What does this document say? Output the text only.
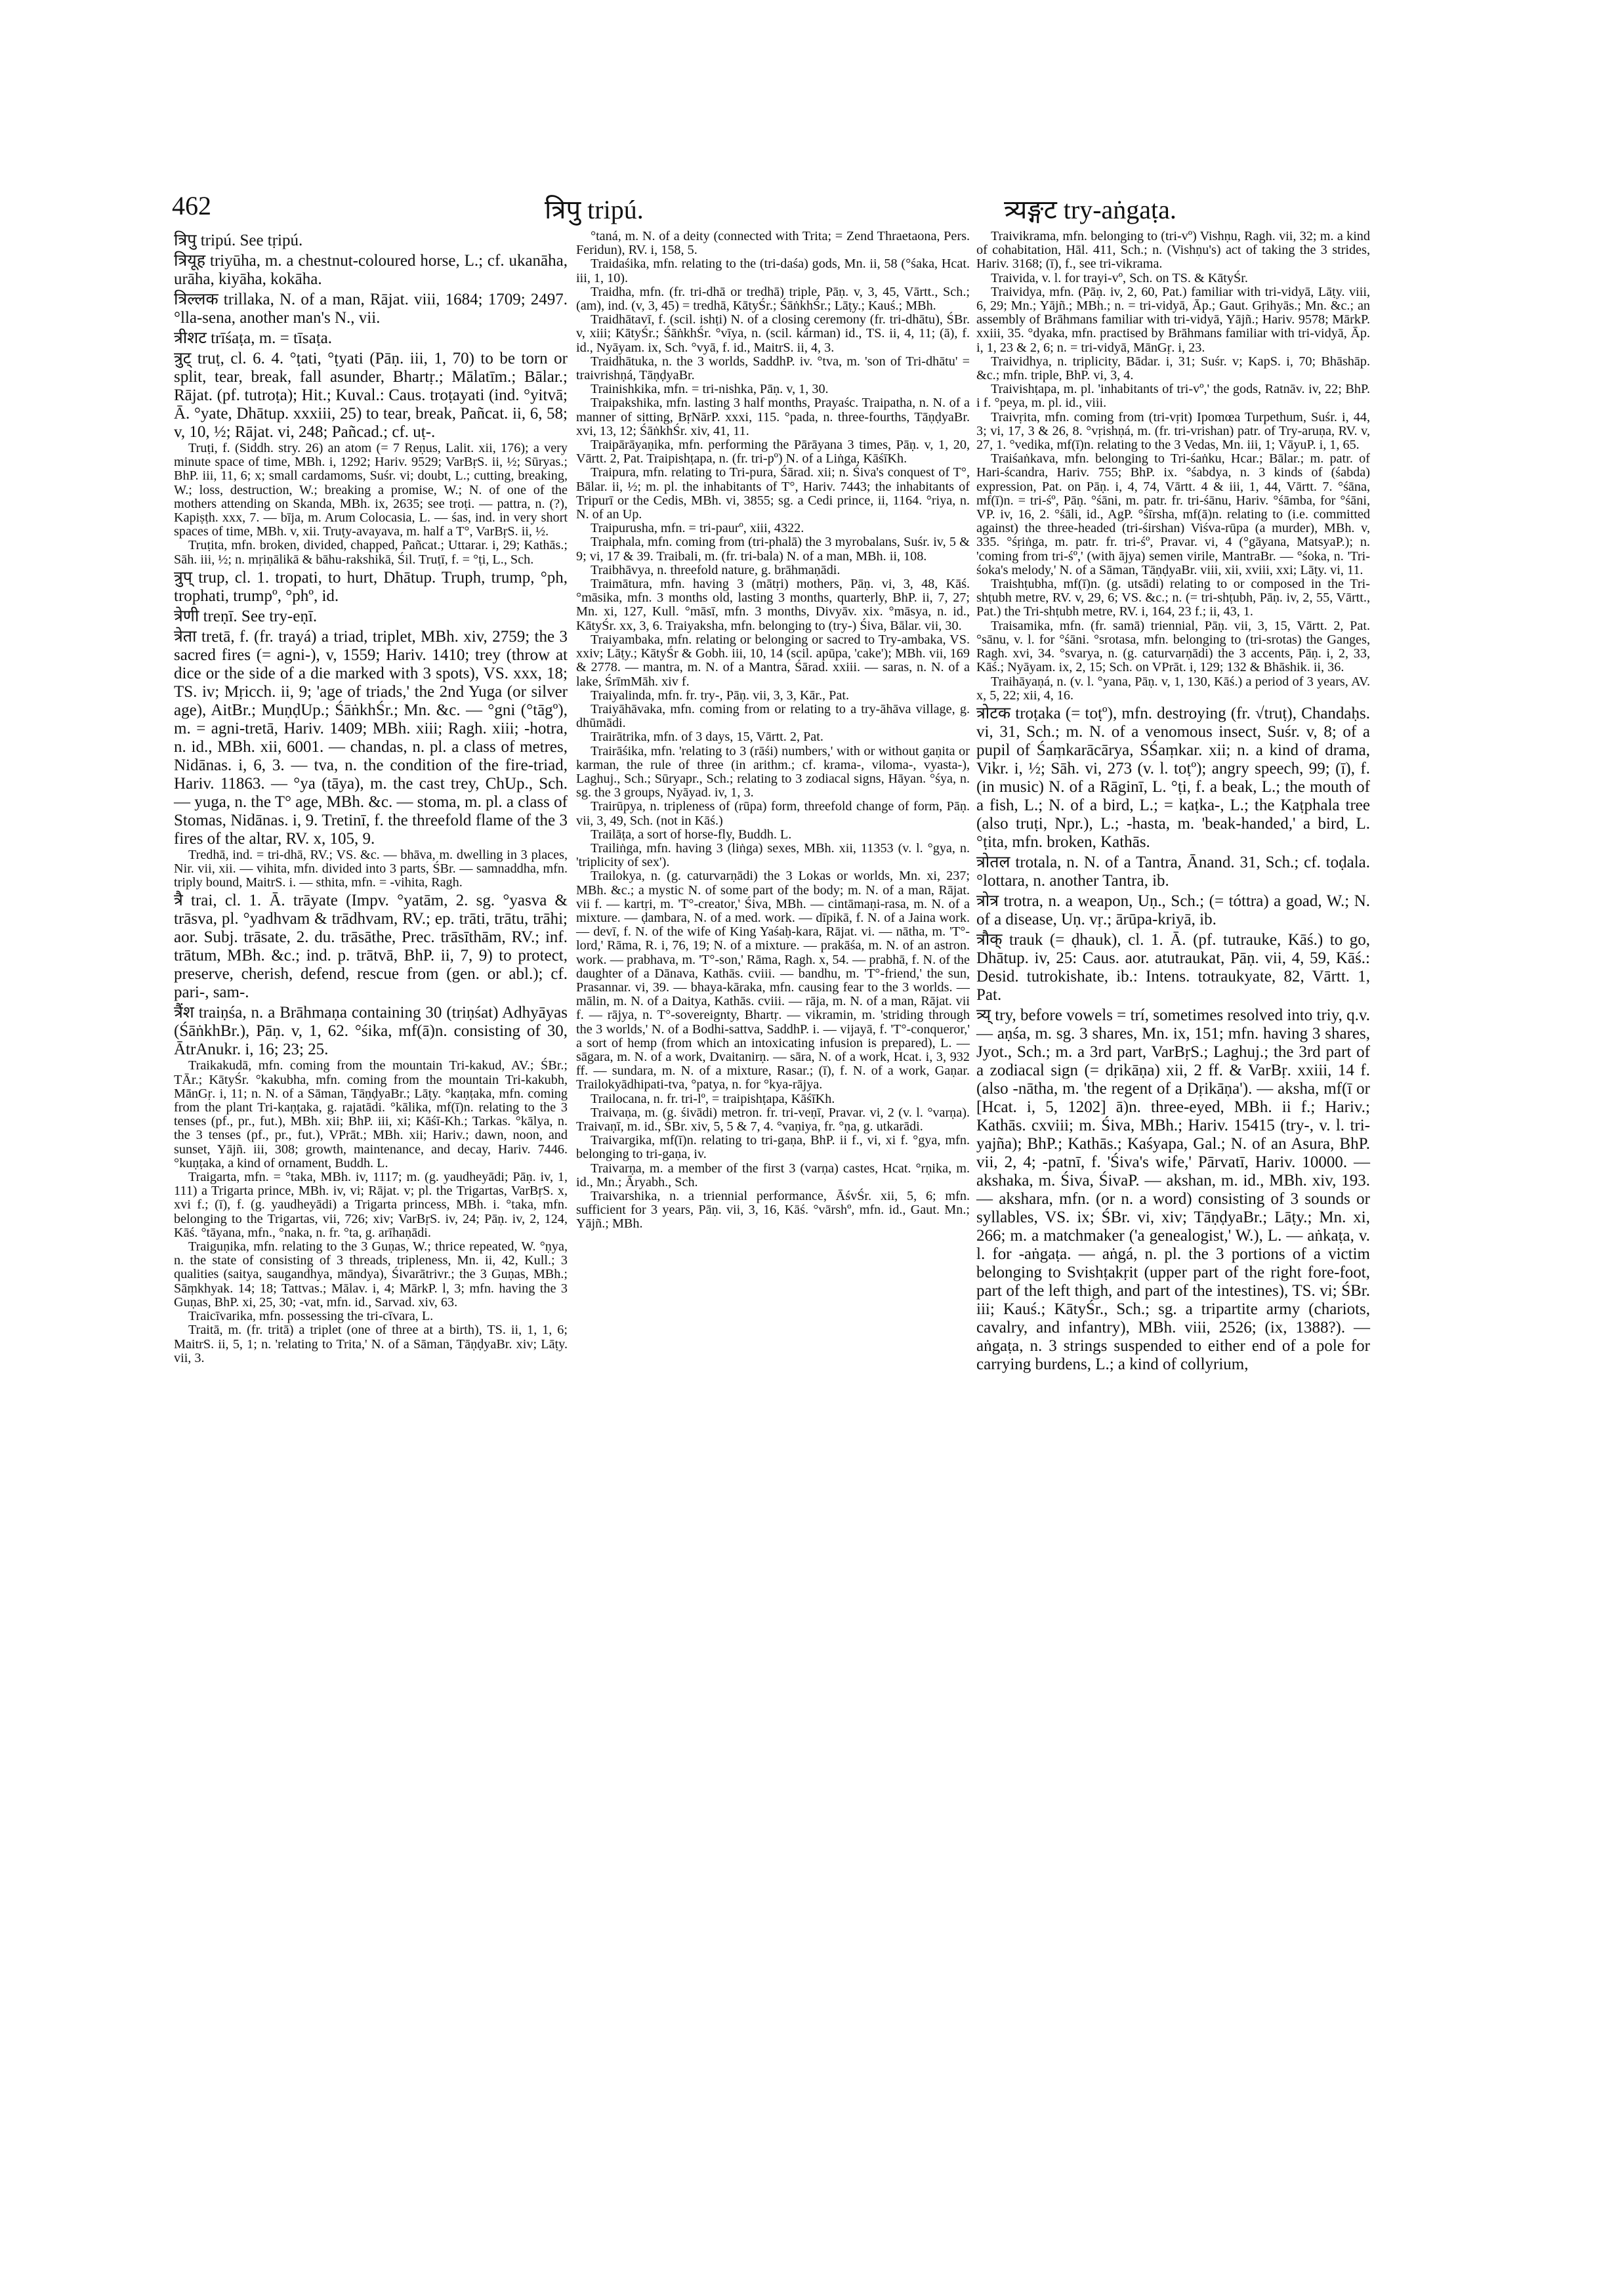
462	त्रिपु tripú.	त्र्यङ्गट try-aṅgaṭa.

त्रिपु tripú. See tṛipú.

त्रियूह triyūha, m. a chestnut-coloured horse, L.; cf. ukanāha, urāha, kiyāha, kokāha.

त्रिल्लक trillaka, N. of a man, Rājat. viii, 1684; 1709; 2497. °lla-sena, another man's N., vii.

त्रीशट trīśaṭa, m. = tīsaṭa.

त्रुट् truṭ, cl. 6. 4. °ṭati, °ṭyati (Pāṇ. iii, 1, 70) to be torn or split, tear, break, fall asunder, Bhartṛ.; Mālatīm.; Bālar.; Rājat. (pf. tutroṭa); Hit.; Kuval.: Caus. troṭayati (ind. °yitvā; Ā. °yate, Dhātup. xxxiii, 25) to tear, break, Pañcat. ii, 6, 58; v, 10, ½; Rājat. vi, 248; Pañcad.; cf. uṭ-.

Truṭi, f. (Siddh. stry. 26) an atom (= 7 Reṇus, Lalit. xii, 176); a very minute space of time, MBh. i, 1292; Hariv. 9529; VarBṛS. ii, ½; Sūryas.; BhP. iii, 11, 6; x; small cardamoms, Suśr. vi; doubt, L.; cutting, breaking, W.; loss, destruction, W.; breaking a promise, W.; N. of one of the mothers attending on Skanda, MBh. ix, 2635; see troṭi. — pattra, n. (?), Kapiṣṭh. xxx, 7. — bīja, m. Arum Colocasia, L. — śas, ind. in very short spaces of time, MBh. v, xii. Truṭy-avayava, m. half a T°, VarBṛS. ii, ½.

Truṭita, mfn. broken, divided, chapped, Pañcat.; Uttarar. i, 29; Kathās.; Sāh. iii, ½; n. mṛiṇālikā & bāhu-rakshikā, Śil. Truṭī, f. = °ṭi, L., Sch.

त्रुप् trup, cl. 1. tropati, to hurt, Dhātup. Truph, trump, °ph, trophati, trumpº, °phº, id.

त्रेणी treṇī. See try-eṇī.

त्रेता tretā, f. (fr. trayá) a triad, triplet, MBh. xiv, 2759; the 3 sacred fires (= agni-), v, 1559; Hariv. 1410; trey (throw at dice or the side of a die marked with 3 spots), VS. xxx, 18; TS. iv; Mṛicch. ii, 9; 'age of triads,' the 2nd Yuga (or silver age), AitBr.; MuṇḍUp.; ŚāṅkhŚr.; Mn. &c. — °gni (°tāgº), m. = agni-tretā, Hariv. 1409; MBh. xiii; Ragh. xiii; -hotra, n. id., MBh. xii, 6001. — chandas, n. pl. a class of metres, Nidānas. i, 6, 3. — tva, n. the condition of the fire-triad, Hariv. 11863. — °ya (tāya), m. the cast trey, ChUp., Sch. — yuga, n. the T° age, MBh. &c. — stoma, m. pl. a class of Stomas, Nidānas. i, 9. Tretinī, f. the threefold flame of the 3 fires of the altar, RV. x, 105, 9.

Tredhā, ind. = tri-dhā, RV.; VS. &c. — bhāva, m. dwelling in 3 places, Nir. vii, xii. — vihita, mfn. divided into 3 parts, ŚBr. — samnaddha, mfn. triply bound, MaitrS. i. — sthita, mfn. = -vihita, Ragh.

त्रै trai, cl. 1. Ā. trāyate (Impv. °yatām, 2. sg. °yasva & trāsva, pl. °yadhvam & trādhvam, RV.; ep. trāti, trātu, trāhi; aor. Subj. trāsate, 2. du. trāsāthe, Prec. trāsīthām, RV.; inf. trātum, MBh. &c.; ind. p. trātvā, BhP. ii, 7, 9) to protect, preserve, cherish, defend, rescue from (gen. or abl.); cf. pari-, sam-.

त्रैंश traiṇśa, n. a Brāhmaṇa containing 30 (triṇśat) Adhyāyas (ŚāṅkhBr.), Pāṇ. v, 1, 62. °śika, mf(ā)n. consisting of 30, ĀtrAnukr. i, 16; 23; 25.

Traikakudā, mfn. coming from the mountain Tri-kakud, AV.; ŚBr.; TĀr.; KātyŚr. °kakubha, mfn. coming from the mountain Tri-kakubh, MānGṛ. i, 11; n. N. of a Sāman, TāṇḍyaBr.; Lāṭy. °kaṇṭaka, mfn. coming from the plant Tri-kaṇṭaka, g. rajatādi. °kālika, mf(ī)n. relating to the 3 tenses (pf., pr., fut.), MBh. xii; BhP. iii, xi; Kāśī-Kh.; Tarkas. °kālya, n. the 3 tenses (pf., pr., fut.), VPrāt.; MBh. xii; Hariv.; dawn, noon, and sunset, Yājñ. iii, 308; growth, maintenance, and decay, Hariv. 7446. °kuṇṭaka, a kind of ornament, Buddh. L.

Traigarta, mfn. = °taka, MBh. iv, 1117; m. (g. yaudheyādi; Pāṇ. iv, 1, 111) a Trigarta prince, MBh. iv, vi; Rājat. v; pl. the Trigartas, VarBṛS. x, xvi f.; (ī), f. (g. yaudheyādi) a Trigarta princess, MBh. i. °taka, mfn. belonging to the Trigartas, vii, 726; xiv; VarBṛS. iv, 24; Pāṇ. iv, 2, 124, Kāś. °tāyana, mfn., °naka, n. fr. °ta, g. arīhaṇādi.

Traiguṇika, mfn. relating to the 3 Guṇas, W.; thrice repeated, W. °ṇya, n. the state of consisting of 3 threads, tripleness, Mn. ii, 42, Kull.; 3 qualities (saitya, saugandhya, māndya), Śivarātrivr.; the 3 Guṇas, MBh.; Sāṃkhyak. 14; 18; Tattvas.; Mālav. i, 4; MārkP. l, 3; mfn. having the 3 Guṇas, BhP. xi, 25, 30; -vat, mfn. id., Sarvad. xiv, 63.

Traicīvarika, mfn. possessing the tri-cīvara, L.

Traitā, m. (fr. tritā) a triplet (one of three at a birth), TS. ii, 1, 1, 6; MaitrS. ii, 5, 1; n. 'relating to Trita,' N. of a Sāman, TāṇḍyaBr. xiv; Lāṭy. vii, 3.

°taná, m. N. of a deity (connected with Trita; = Zend Thraetaona, Pers. Feridun), RV. i, 158, 5.

Traidaśika, mfn. relating to the (tri-daśa) gods, Mn. ii, 58 (°śaka, Hcat. iii, 1, 10).

Traidha, mfn. (fr. tri-dhā or tredhā) triple, Pāṇ. v, 3, 45, Vārtt., Sch.; (am), ind. (v, 3, 45) = tredhā, KātyŚr.; ŚāṅkhŚr.; Lāṭy.; Kauś.; MBh.

Traidhātavī, f. (scil. ishṭi) N. of a closing ceremony (fr. tri-dhātu), ŚBr. v, xiii; KātyŚr.; ŚāṅkhŚr. °vīya, n. (scil. kárman) id., TS. ii, 4, 11; (ā), f. id., Nyāyam. ix, Sch. °vyā, f. id., MaitrS. ii, 4, 3.

Traidhātuka, n. the 3 worlds, SaddhP. iv. °tva, m. 'son of Tri-dhātu' = traivrishṇá, TāṇḍyaBr.

Trainishkika, mfn. = tri-nishka, Pāṇ. v, 1, 30.

Traipakshika, mfn. lasting 3 half months, Prayaśc. Traipatha, n. N. of a manner of sitting, BṛNārP. xxxi, 115. °pada, n. three-fourths, TāṇḍyaBr. xvi, 13, 12; ŚāṅkhŚr. xiv, 41, 11.

Traipārāyaṇika, mfn. performing the Pārāyana 3 times, Pāṇ. v, 1, 20, Vārtt. 2, Pat. Traipishṭapa, n. (fr. tri-pº) N. of a Liṅga, KāśīKh.

Traipura, mfn. relating to Tri-pura, Śārad. xii; n. Śiva's conquest of T°, Bālar. ii, ½; m. pl. the inhabitants of T°, Hariv. 7443; the inhabitants of Tripurī or the Cedis, MBh. vi, 3855; sg. a Cedi prince, ii, 1164. °riya, n. N. of an Up.

Traipurusha, mfn. = tri-paurº, xiii, 4322.

Traiphala, mfn. coming from (tri-phalā) the 3 myrobalans, Suśr. iv, 5 & 9; vi, 17 & 39. Traibali, m. (fr. tri-bala) N. of a man, MBh. ii, 108.

Traibhāvya, n. threefold nature, g. brāhmaṇādi.

Traimātura, mfn. having 3 (mātṛi) mothers, Pāṇ. vi, 3, 48, Kāś. °māsika, mfn. 3 months old, lasting 3 months, quarterly, BhP. ii, 7, 27; Mn. xi, 127, Kull. °māsī, mfn. 3 months, Divyāv. xix. °māsya, n. id., KātyŚr. xx, 3, 6. Traiyaksha, mfn. belonging to (try-) Śiva, Bālar. vii, 30.

Traiyambaka, mfn. relating or belonging or sacred to Try-ambaka, VS. xxiv; Lāṭy.; KātyŚr & Gobh. iii, 10, 14 (scil. apūpa, 'cake'); MBh. vii, 169 & 2778. — mantra, m. N. of a Mantra, Śārad. xxiii. — saras, n. N. of a lake, ŚrīmMāh. xiv f.

Traiyalinda, mfn. fr. try-, Pāṇ. vii, 3, 3, Kār., Pat.

Traiyāhāvaka, mfn. coming from or relating to a try-āhāva village, g. dhūmādi.

Trairātrika, mfn. of 3 days, 15, Vārtt. 2, Pat.

Trairāśika, mfn. 'relating to 3 (rāśi) numbers,' with or without gaṇita or karman, the rule of three (in arithm.; cf. krama-, viloma-, vyasta-), Laghuj., Sch.; Sūryapr., Sch.; relating to 3 zodiacal signs, Hāyan. °śya, n. sg. the 3 groups, Nyāyad. iv, 1, 3.

Trairūpya, n. tripleness of (rūpa) form, threefold change of form, Pāṇ. vii, 3, 49, Sch. (not in Kāś.)

Trailāṭa, a sort of horse-fly, Buddh. L.

Trailiṅga, mfn. having 3 (liṅga) sexes, MBh. xii, 11353 (v. l. °gya, n. 'triplicity of sex').

Trailokya, n. (g. caturvarṇādi) the 3 Lokas or worlds, Mn. xi, 237; MBh. &c.; a mystic N. of some part of the body; m. N. of a man, Rājat. vii f. — kartṛi, m. 'T°-creator,' Śiva, MBh. — cintāmaṇi-rasa, m. N. of a mixture. — ḍambara, N. of a med. work. — dīpikā, f. N. of a Jaina work. — devī, f. N. of the wife of King Yaśaḥ-kara, Rājat. vi. — nātha, m. 'T°-lord,' Rāma, R. i, 76, 19; N. of a mixture. — prakāśa, m. N. of an astron. work. — prabhava, m. 'T°-son,' Rāma, Ragh. x, 54. — prabhā, f. N. of the daughter of a Dānava, Kathās. cviii. — bandhu, m. 'T°-friend,' the sun, Prasannar. vi, 39. — bhaya-kāraka, mfn. causing fear to the 3 worlds. — mālin, m. N. of a Daitya, Kathās. cviii. — rāja, m. N. of a man, Rājat. vii f. — rājya, n. T°-sovereignty, Bhartṛ. — vikramin, m. 'striding through the 3 worlds,' N. of a Bodhi-sattva, SaddhP. i. — vijayā, f. 'T°-conqueror,' a sort of hemp (from which an intoxicating infusion is prepared), L. — sāgara, m. N. of a work, Dvaitanirṇ. — sāra, N. of a work, Hcat. i, 3, 932 ff. — sundara, m. N. of a mixture, Rasar.; (ī), f. N. of a work, Gaṇar. Trailokyādhipati-tva, °patya, n. for °kya-rājya.

Trailocana, n. fr. tri-lº, = traipishṭapa, KāśīKh.

Traivaṇa, m. (g. śivādi) metron. fr. tri-veṇī, Pravar. vi, 2 (v. l. °varṇa). Traivaṇī, m. id., ŚBr. xiv, 5, 5 & 7, 4. °vaṇiya, fr. °ṇa, g. utkarādi.

Traivargika, mf(ī)n. relating to tri-gaṇa, BhP. ii f., vi, xi f. °gya, mfn. belonging to tri-gaṇa, iv.

Traivarṇa, m. a member of the first 3 (varṇa) castes, Hcat. °rṇika, m. id., Mn.; Āryabh., Sch.

Traivarshika, n. a triennial performance, ĀśvŚr. xii, 5, 6; mfn. sufficient for 3 years, Pāṇ. vii, 3, 16, Kāś. °vārshº, mfn. id., Gaut. Mn.; Yājñ.; MBh.

Traivikrama, mfn. belonging to (tri-vº) Vishṇu, Ragh. vii, 32; m. a kind of cohabitation, Hāl. 411, Sch.; n. (Vishṇu's) act of taking the 3 strides, Hariv. 3168; (ī), f., see tri-vikrama.

Traivida, v. l. for trayi-vº, Sch. on TS. & KātyŚr.

Traividya, mfn. (Pāṇ. iv, 2, 60, Pat.) familiar with tri-vidyā, Lāṭy. viii, 6, 29; Mn.; Yājñ.; MBh.; n. = tri-vidyā, Āp.; Gaut. Gṛihyās.; Mn. &c.; an assembly of Brāhmans familiar with tri-vidyā, Yājñ.; Hariv. 9578; MārkP. xxiii, 35. °dyaka, mfn. practised by Brāhmans familiar with tri-vidyā, Āp. i, 1, 23 & 2, 6; n. = tri-vidyā, MānGṛ. i, 23.

Traividhya, n. triplicity, Bādar. i, 31; Suśr. v; KapS. i, 70; Bhāshāp. &c.; mfn. triple, BhP. vi, 3, 4.

Traivishṭapa, m. pl. 'inhabitants of tri-vº,' the gods, Ratnāv. iv, 22; BhP. i f. °peya, m. pl. id., viii.

Traivṛita, mfn. coming from (tri-vṛit) Ipomœa Turpethum, Suśr. i, 44, 3; vi, 17, 3 & 26, 8. °vṛishṇá, m. (fr. tri-vrishan) patr. of Try-aruṇa, RV. v, 27, 1. °vedika, mf(ī)n. relating to the 3 Vedas, Mn. iii, 1; VāyuP. i, 1, 65.

Traiśaṅkava, mfn. belonging to Tri-śaṅku, Hcar.; Bālar.; m. patr. of Hari-ścandra, Hariv. 755; BhP. ix. °śabdya, n. 3 kinds of (śabda) expression, Pat. on Pāṇ. i, 4, 74, Vārtt. 4 & iii, 1, 44, Vārtt. 7. °śāna, mf(ī)n. = tri-śº, Pāṇ. °śāni, m. patr. fr. tri-śānu, Hariv. °śāmba, for °śāni, VP. iv, 16, 2. °śāli, id., AgP. °śīrsha, mf(ā)n. relating to (i.e. committed against) the three-headed (tri-śirshan) Viśva-rūpa (a murder), MBh. v, 335. °śṛiṅga, m. patr. fr. tri-śº, Pravar. vi, 4 (°gāyana, MatsyaP.); n. 'coming from tri-śº,' (with ājya) semen virile, MantraBr. — °śoka, n. 'Tri-śoka's melody,' N. of a Sāman, TāṇḍyaBr. viii, xii, xviii, xxi; Lāṭy. vi, 11.

Traishṭubha, mf(ī)n. (g. utsādi) relating to or composed in the Tri-shṭubh metre, RV. v, 29, 6; VS. &c.; n. (= tri-shṭubh, Pāṇ. iv, 2, 55, Vārtt., Pat.) the Tri-shṭubh metre, RV. i, 164, 23 f.; ii, 43, 1.

Traisamika, mfn. (fr. samā) triennial, Pāṇ. vii, 3, 15, Vārtt. 2, Pat. °sānu, v. l. for °śāni. °srotasa, mfn. belonging to (tri-srotas) the Ganges, Ragh. xvi, 34. °svarya, n. (g. caturvarṇādi) the 3 accents, Pāṇ. i, 2, 33, Kāś.; Nyāyam. ix, 2, 15; Sch. on VPrāt. i, 129; 132 & Bhāshik. ii, 36.

Traihāyaṇá, n. (v. l. °yana, Pāṇ. v, 1, 130, Kāś.) a period of 3 years, AV. x, 5, 22; xii, 4, 16.

त्रोटक troṭaka (= toṭº), mfn. destroying (fr. √truṭ), Chandaḥs. vi, 31, Sch.; m. N. of a venomous insect, Suśr. v, 8; of a pupil of Śaṃkarācārya, SŚaṃkar. xii; n. a kind of drama, Vikr. i, ½; Sāh. vi, 273 (v. l. toṭº); angry speech, 99; (ī), f. (in music) N. of a Rāginī, L. °ṭi, f. a beak, L.; the mouth of a fish, L.; N. of a bird, L.; = kaṭka-, L.; the Kaṭphala tree (also truṭi, Npr.), L.; -hasta, m. 'beak-handed,' a bird, L. °ṭita, mfn. broken, Kathās.

त्रोतल trotala, n. N. of a Tantra, Ānand. 31, Sch.; cf. toḍala. °lottara, n. another Tantra, ib.

त्रोत्र trotra, n. a weapon, Uṇ., Sch.; (= tóttra) a goad, W.; N. of a disease, Uṇ. vṛ.; ārūpa-kriyā, ib.

त्रौक् trauk (= ḍhauk), cl. 1. Ā. (pf. tutrauke, Kāś.) to go, Dhātup. iv, 25: Caus. aor. atutraukat, Pāṇ. vii, 4, 59, Kāś.: Desid. tutrokishate, ib.: Intens. totraukyate, 82, Vārtt. 1, Pat.

त्र्य् try, before vowels = trí, sometimes resolved into triy, q.v. — aṇśa, m. sg. 3 shares, Mn. ix, 151; mfn. having 3 shares, Jyot., Sch.; m. a 3rd part, VarBṛS.; Laghuj.; the 3rd part of a zodiacal sign (= dṛikāṇa) xii, 2 ff. & VarBṛ. xxiii, 14 f. (also -nātha, m. 'the regent of a Dṛikāṇa'). — aksha, mf(ī or [Hcat. i, 5, 1202] ā)n. three-eyed, MBh. ii f.; Hariv.; Kathās. cxviii; m. Śiva, MBh.; Hariv. 15415 (try-, v. l. tri-yajña); BhP.; Kathās.; Kaśyapa, Gal.; N. of an Asura, BhP. vii, 2, 4; -patnī, f. 'Śiva's wife,' Pārvatī, Hariv. 10000. — akshaka, m. Śiva, ŚivaP. — akshan, m. id., MBh. xiv, 193. — akshara, mfn. (or n. a word) consisting of 3 sounds or syllables, VS. ix; ŚBr. vi, xiv; TāṇḍyaBr.; Lāṭy.; Mn. xi, 266; m. a matchmaker ('a genealogist,' W.), L. — aṅkaṭa, v. l. for -aṅgaṭa. — aṅgá, n. pl. the 3 portions of a victim belonging to Svishṭakṛit (upper part of the right fore-foot, part of the left thigh, and part of the intestines), TS. vi; ŚBr. iii; Kauś.; KātyŚr., Sch.; sg. a tripartite army (chariots, cavalry, and infantry), MBh. viii, 2526; (ix, 1388?). — aṅgaṭa, n. 3 strings suspended to either end of a pole for carrying burdens, L.; a kind of collyrium,
